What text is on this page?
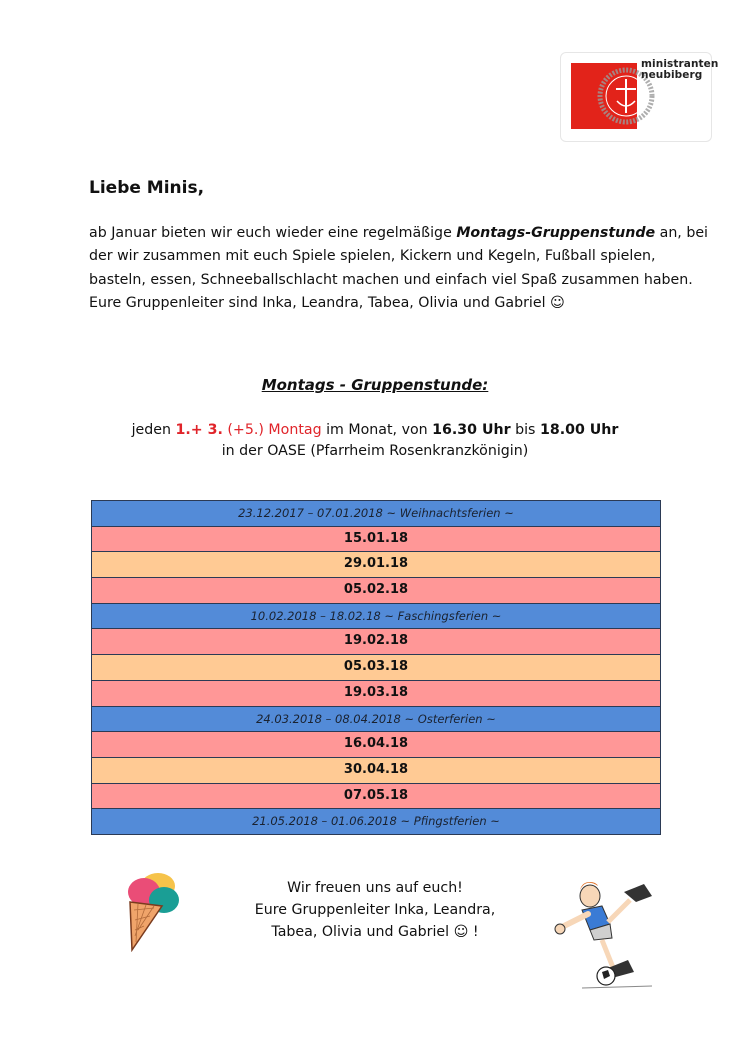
ministranten
neubiberg
Liebe Minis,
ab Januar bieten wir euch wieder eine regelmäßige Montags-Gruppenstunde an, bei der wir zusammen mit euch Spiele spielen, Kickern und Kegeln, Fußball spielen, basteln, essen, Schneeballschlacht machen und einfach viel Spaß zusammen haben.
Eure Gruppenleiter sind Inka, Leandra, Tabea, Olivia und Gabriel ☺
Montags - Gruppenstunde:
jeden 1.+ 3. (+5.) Montag im Monat, von 16.30 Uhr bis 18.00 Uhr
in der OASE (Pfarrheim Rosenkranzkönigin)
23.12.2017 – 07.01.2018 ~ Weihnachtsferien ~
15.01.18
29.01.18
05.02.18
10.02.2018 – 18.02.18 ~ Faschingsferien ~
19.02.18
05.03.18
19.03.18
24.03.2018 – 08.04.2018 ~ Osterferien ~
16.04.18
30.04.18
07.05.18
21.05.2018 – 01.06.2018 ~ Pfingstferien ~
Wir freuen uns auf euch!
Eure Gruppenleiter Inka, Leandra,
Tabea, Olivia und Gabriel ☺ !
